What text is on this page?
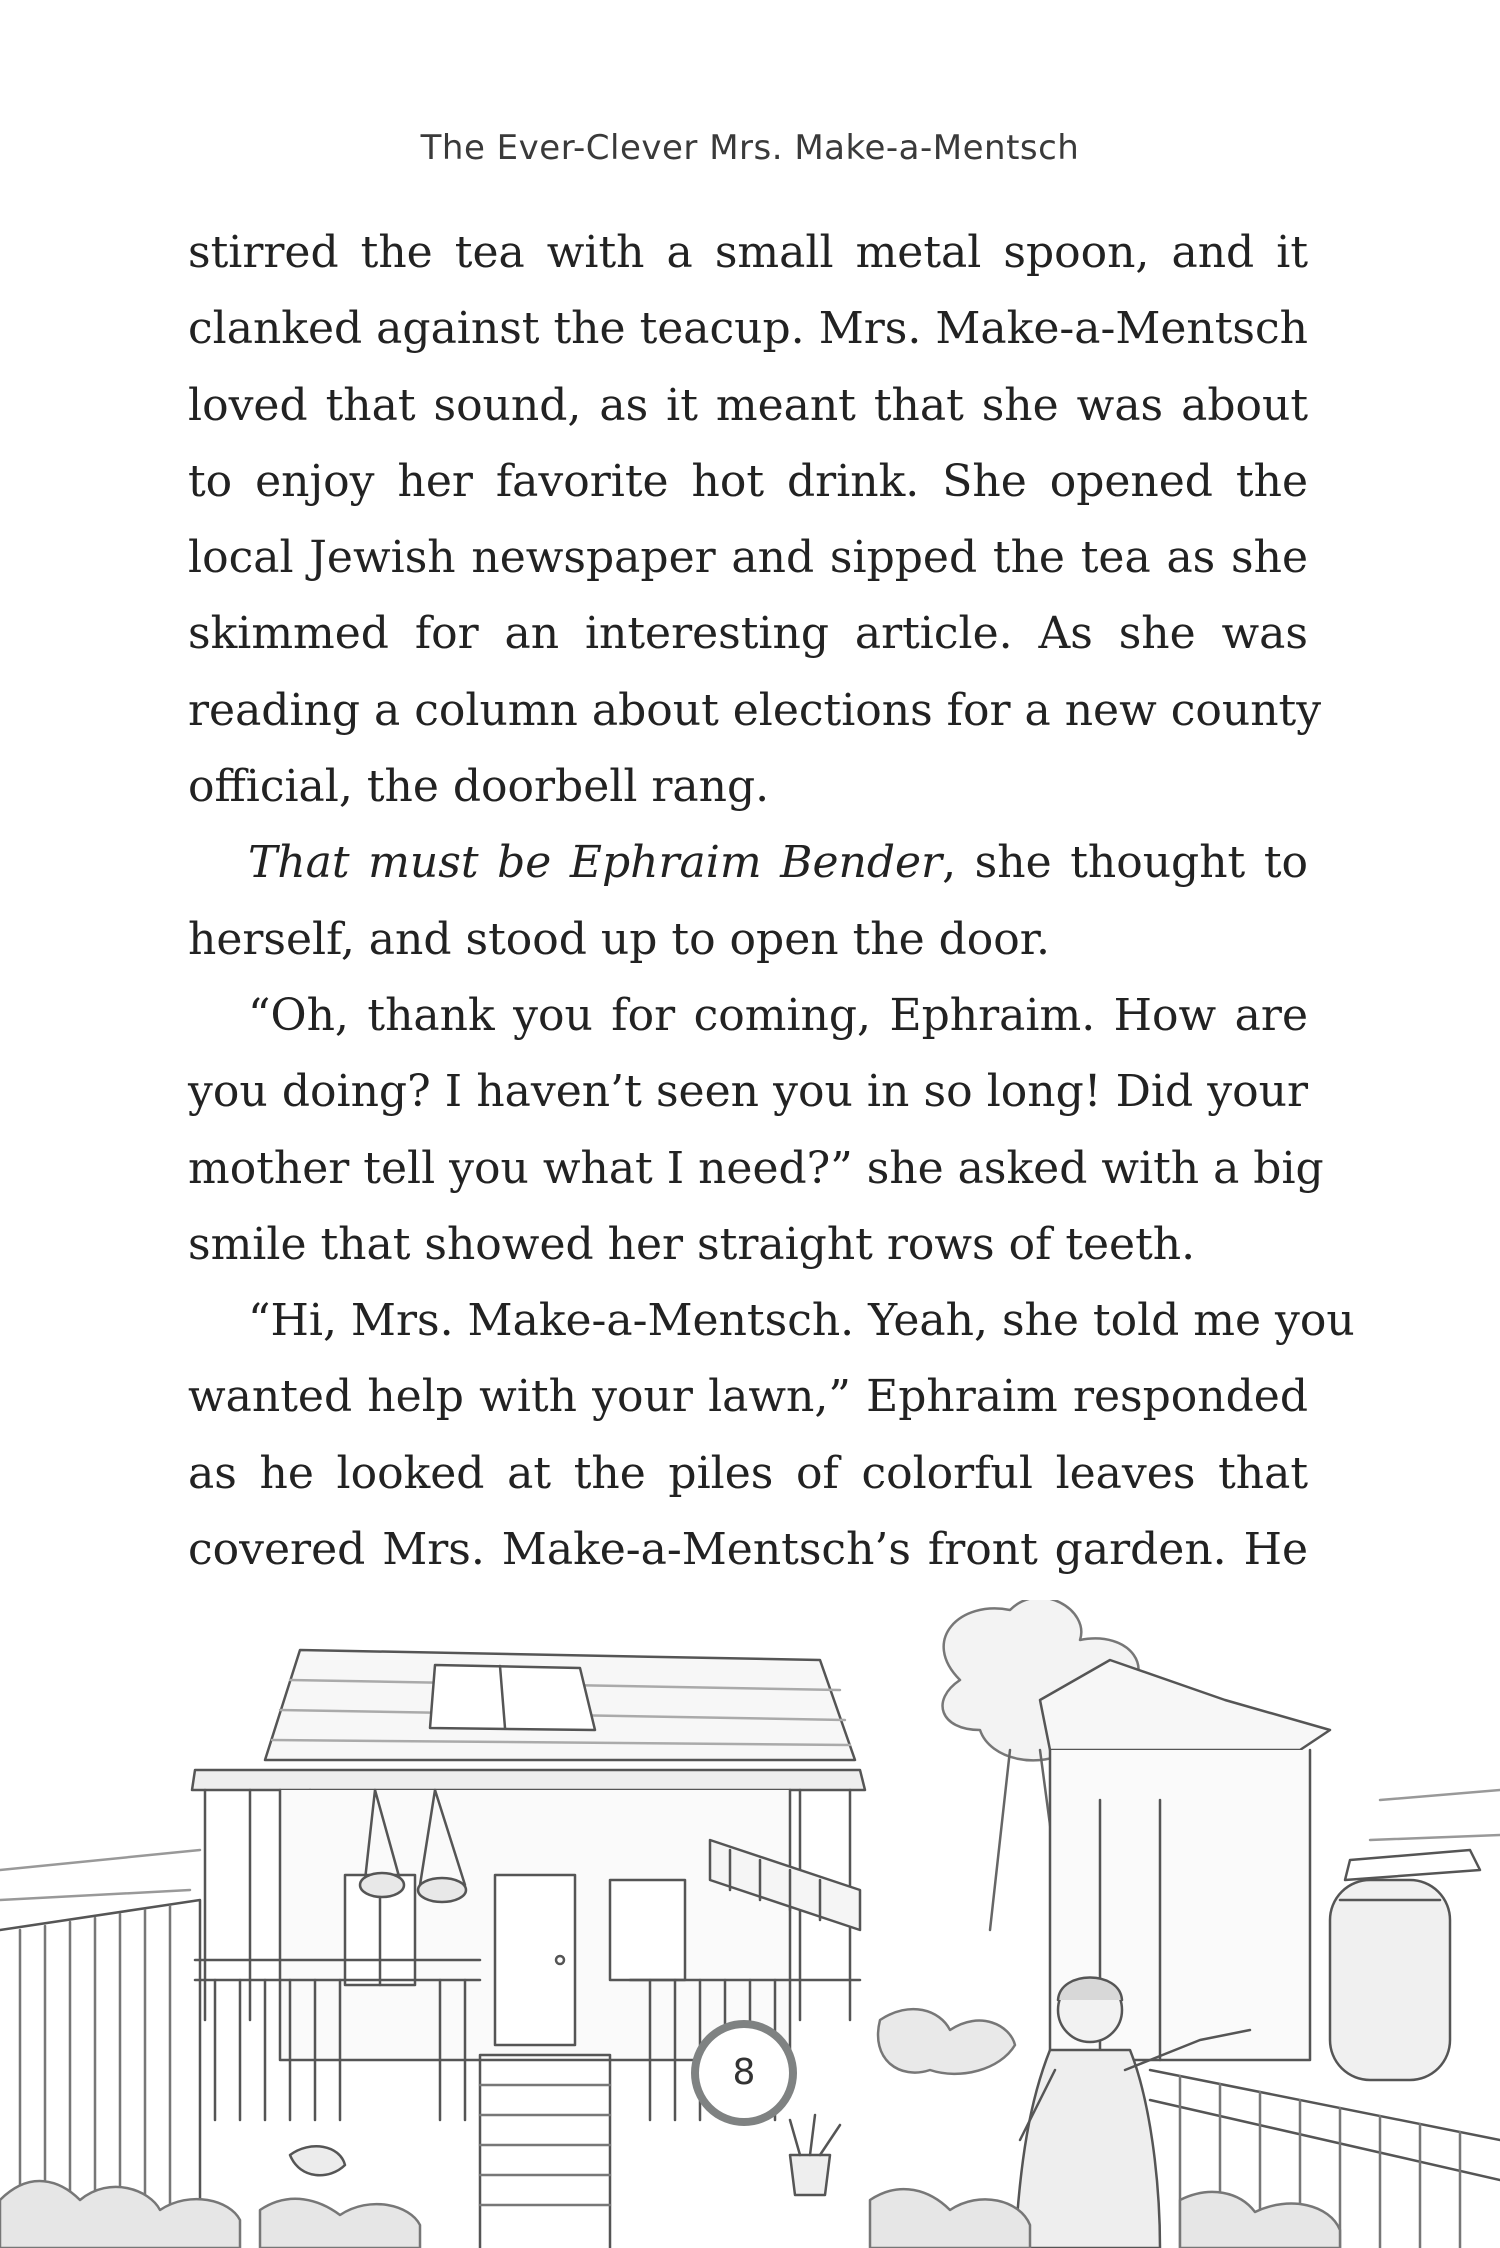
The Ever-Clever Mrs. Make-a-Mentsch
stirred the tea with a small metal spoon, and it
clanked against the teacup. Mrs. Make-a-Mentsch
loved that sound, as it meant that she was about
to enjoy her favorite hot drink. She opened the
local Jewish newspaper and sipped the tea as she
skimmed for an interesting article. As she was
reading a column about elections for a new county
official, the doorbell rang.
That must be Ephraim Bender, she thought to
herself, and stood up to open the door.
“Oh, thank you for coming, Ephraim. How are
you doing? I haven’t seen you in so long! Did your
mother tell you what I need?” she asked with a big
smile that showed her straight rows of teeth.
“Hi, Mrs. Make-a-Mentsch. Yeah, she told me you
wanted help with your lawn,” Ephraim responded
as he looked at the piles of colorful leaves that
covered Mrs. Make-a-Mentsch’s front garden. He
8
